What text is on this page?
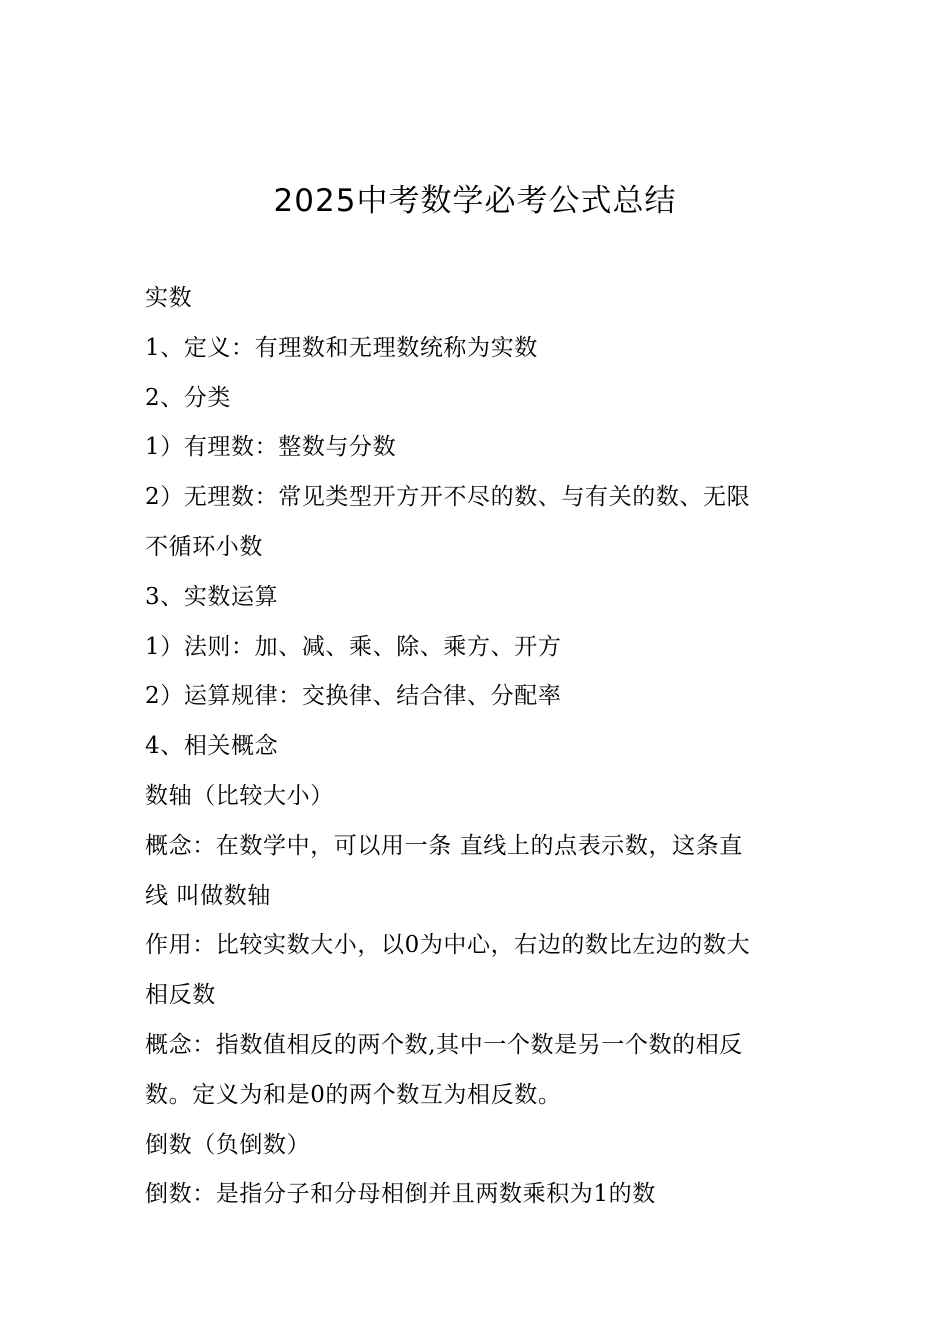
2025中考数学必考公式总结
实数
1、定义：有理数和无理数统称为实数
2、分类
1）有理数：整数与分数
2）无理数：常见类型开方开不尽的数、与有关的数、无限
不循环小数
3、实数运算
1）法则：加、减、乘、除、乘方、开方
2）运算规律：交换律、结合律、分配率
4、相关概念
数轴（比较大小）
概念：在数学中，可以用一条 直线上的点表示数，这条直
线 叫做数轴
作用：比较实数大小，以0为中心，右边的数比左边的数大
相反数
概念：指数值相反的两个数,其中一个数是另一个数的相反
数。定义为和是0的两个数互为相反数。
倒数（负倒数）
倒数：是指分子和分母相倒并且两数乘积为1的数
